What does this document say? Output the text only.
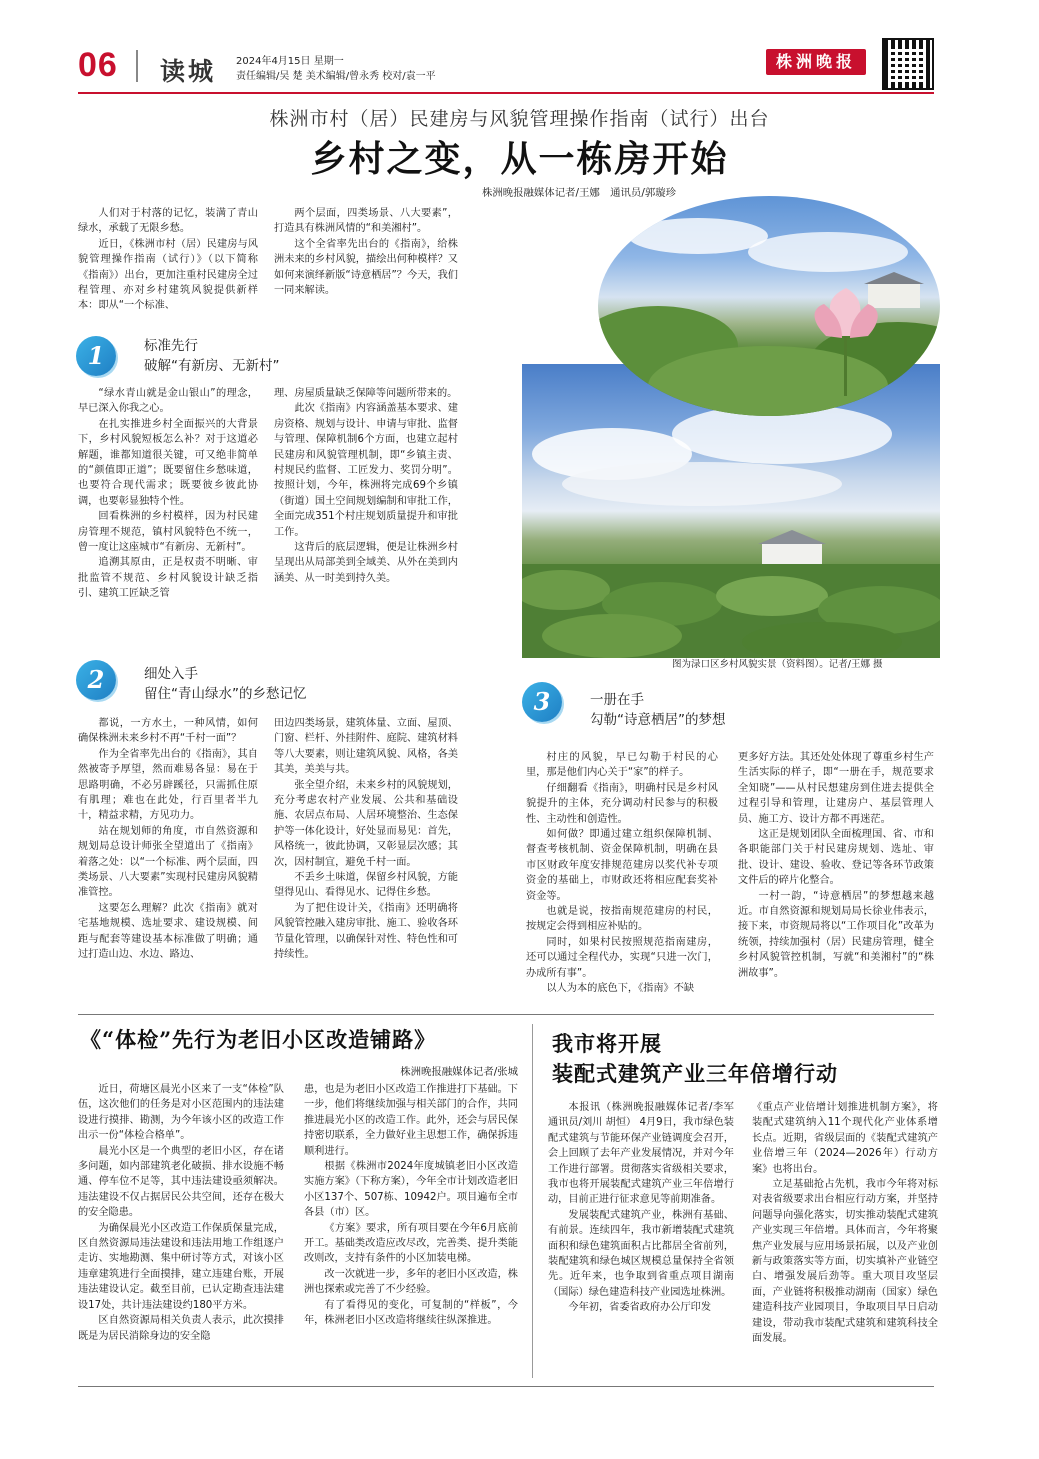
06 读城 2024年4月15日 星期一
责任编辑/吴 楚 美术编辑/曾永秀 校对/袁一平
株洲晚报
株洲市村（居）民建房与风貌管理操作指南（试行）出台
乡村之变，从一栋房开始
株洲晚报融媒体记者/王娜　通讯员/郭璇珍

人们对于村落的记忆，装满了青山绿水，承载了无限乡愁。

近日，《株洲市村（居）民建房与风貌管理操作指南（试行）》（以下简称《指南》）出台，更加注重村民建房全过程管理、亦对乡村建筑风貌提供新样本：即从“一个标准、

两个层面，四类场景、八大要素”，打造具有株洲风情的“和美湘村”。

这个全省率先出台的《指南》，给株洲未来的乡村风貌，描绘出何种模样？又如何来演绎新版“诗意栖居”？今天，我们一同来解读。

1	标准先行
破解“有新房、无新村”

“绿水青山就是金山银山”的理念，早已深入你我之心。

在扎实推进乡村全面振兴的大背景下，乡村风貌短板怎么补？对于这道必解题，谁都知道很关键，可又绝非简单的“颜值即正道”；既要留住乡愁味道，也要符合现代需求；既要彼乡彼此协调，也要彰显独特个性。

回看株洲的乡村模样，因为村民建房管理不规范，镇村风貌特色不统一，曾一度让这座城市“有新房、无新村”。

追溯其原由，正是权责不明晰、审批监管不规范、乡村风貌设计缺乏指引、建筑工匠缺乏管

理、房屋质量缺乏保障等问题所带来的。

此次《指南》内容涵盖基本要求、建房资格、规划与设计、申请与审批、监督与管理、保障机制6个方面，也建立起村民建房和风貌管理机制，即“乡镇主责、村规民约监督、工匠发力、奖罚分明”。按照计划，今年，株洲将完成69个乡镇（街道）国土空间规划编制和审批工作，全面完成351个村庄规划质量提升和审批工作。

这背后的底层逻辑，便是让株洲乡村呈现出从局部美到全域美、从外在美到内涵美、从一时美到持久美。

2	细处入手
留住“青山绿水”的乡愁记忆

都说，一方水土，一种风情，如何确保株洲未来乡村不再“千村一面”？

作为全省率先出台的《指南》，其自然被寄予厚望，然而难易各显：易在于思路明确，不必另辟蹊径，只需抓住原有肌理；难也在此处，行百里者半九十，精益求精，方见功力。

站在规划师的角度，市自然资源和规划局总设计师张全望道出了《指南》着落之处：以“一个标准、两个层面，四类场景、八大要素”实现村民建房风貌精准管控。

这要怎么理解？此次《指南》就对宅基地规模、选址要求、建设规模、间距与配套等建设基本标准做了明确；通过打造山边、水边、路边、

田边四类场景，建筑体量、立面、屋顶、门窗、栏杆、外挂附件、庭院、建筑材料等八大要素，则让建筑风貌、风格，各美其美，美美与共。

张全望介绍，未来乡村的风貌规划，充分考虑农村产业发展、公共和基础设施、农居点布局、人居环境整治、生态保护等一体化设计，好处显而易见：首先，风格统一，彼此协调，又彰显层次感；其次，因村制宜，避免千村一面。

不丢乡土味道，保留乡村风貌，方能望得见山、看得见水、记得住乡愁。

为了把住设计关，《指南》还明确将风貌管控融入建房审批、施工、验收各环节量化管理，以确保针对性、特色性和可持续性。

图为渌口区乡村风貌实景（资料图）。记者/王娜 摄
3	一册在手
勾勒“诗意栖居”的梦想

村庄的风貌，早已勾勒于村民的心里，那是他们内心关于“家”的样子。

仔细翻看《指南》，明确村民是乡村风貌提升的主体，充分调动村民参与的积极性、主动性和创造性。

如何做？即通过建立组织保障机制、督查考核机制、资金保障机制，明确在县市区财政年度安排规范建房以奖代补专项资金的基础上，市财政还将相应配套奖补资金等。

也就是说，按指南规范建房的村民，按规定会得到相应补贴的。

同时，如果村民按照规范指南建房，还可以通过全程代办，实现“只进一次门，办成所有事”。

以人为本的底色下，《指南》不缺

更多好方法。其还处处体现了尊重乡村生产生活实际的样子，即“一册在手，规范要求全知晓”——从村民想建房到住进去提供全过程引导和管理，让建房户、基层管理人员、施工方、设计方都不再迷茫。

这正是规划团队全面梳理国、省、市和各职能部门关于村民建房规划、选址、审批、设计、建设、验收、登记等各环节政策文件后的碎片化整合。

一村一韵，“诗意栖居”的梦想越来越近。市自然资源和规划局局长徐业伟表示，接下来，市资规局将以“工作项目化”改革为统领，持续加强村（居）民建房管理，健全乡村风貌管控机制，写就“和美湘村”的“株洲故事”。

《“体检”先行为老旧小区改造铺路》
株洲晚报融媒体记者/张城

近日，荷塘区晨光小区来了一支“体检”队伍，这次他们的任务是对小区范围内的违法建设进行摸排、勘测，为今年该小区的改造工作出示一份“体检合格单”。

晨光小区是一个典型的老旧小区，存在诸多问题，如内部建筑老化破损、排水设施不畅通、停车位不足等，其中违法建设亟须解决。违法建设不仅占据居民公共空间，还存在极大的安全隐患。

为确保晨光小区改造工作保质保量完成，区自然资源局违法建设和违法用地工作组逐户走访、实地勘测、集中研讨等方式，对该小区违章建筑进行全面摸排，建立违建台账，开展违法建设认定。截至目前，已认定勘查违法建设17处，共计违法建设约180平方米。

区自然资源局相关负责人表示，此次摸排既是为居民消除身边的安全隐

患，也是为老旧小区改造工作推进打下基础。下一步，他们将继续加强与相关部门的合作，共同推进晨光小区的改造工作。此外，还会与居民保持密切联系，全力做好业主思想工作，确保拆违顺利进行。

根据《株洲市2024年度城镇老旧小区改造实施方案》（下称方案），今年全市计划改造老旧小区137个、507栋、10942户。项目遍布全市各县（市）区。

《方案》要求，所有项目要在今年6月底前开工。基础类改造应改尽改，完善类、提升类能改则改，支持有条件的小区加装电梯。

改一次就进一步，多年的老旧小区改造，株洲也探索或完善了不少经验。

有了看得见的变化，可复制的“样板”，今年，株洲老旧小区改造将继续往纵深推进。

我市将开展
装配式建筑产业三年倍增行动

本报讯（株洲晚报融媒体记者/李军 通讯员/刘川 胡恒） 4月9日，我市绿色装配式建筑与节能环保产业链调度会召开，会上回顾了去年产业发展情况，并对今年工作进行部署。贯彻落实省级相关要求，我市也将开展装配式建筑产业三年倍增行动，目前正进行征求意见等前期准备。

发展装配式建筑产业，株洲有基础、有前景。连续四年，我市新增装配式建筑面积和绿色建筑面积占比都居全省前列，装配建筑和绿色城区规模总量保持全省领先。近年来，也争取到省重点项目湖南（国际）绿色建造科技产业园选址株洲。

今年初，省委省政府办公厅印发

《重点产业倍增计划推进机制方案》，将装配式建筑纳入11个现代化产业体系增长点。近期，省级层面的《装配式建筑产业倍增三年（2024—2026年）行动方案》也将出台。

立足基础抢占先机，我市今年将对标对表省级要求出台相应行动方案，并坚持问题导向强化落实，切实推动装配式建筑产业实现三年倍增。具体而言，今年将聚焦产业发展与应用场景拓展，以及产业创新与政策落实等方面，切实填补产业链空白、增强发展后劲等。重大项目攻坚层面，产业链将积极推动湖南（国家）绿色建造科技产业园项目，争取项目早日启动建设，带动我市装配式建筑和建筑科技全面发展。
